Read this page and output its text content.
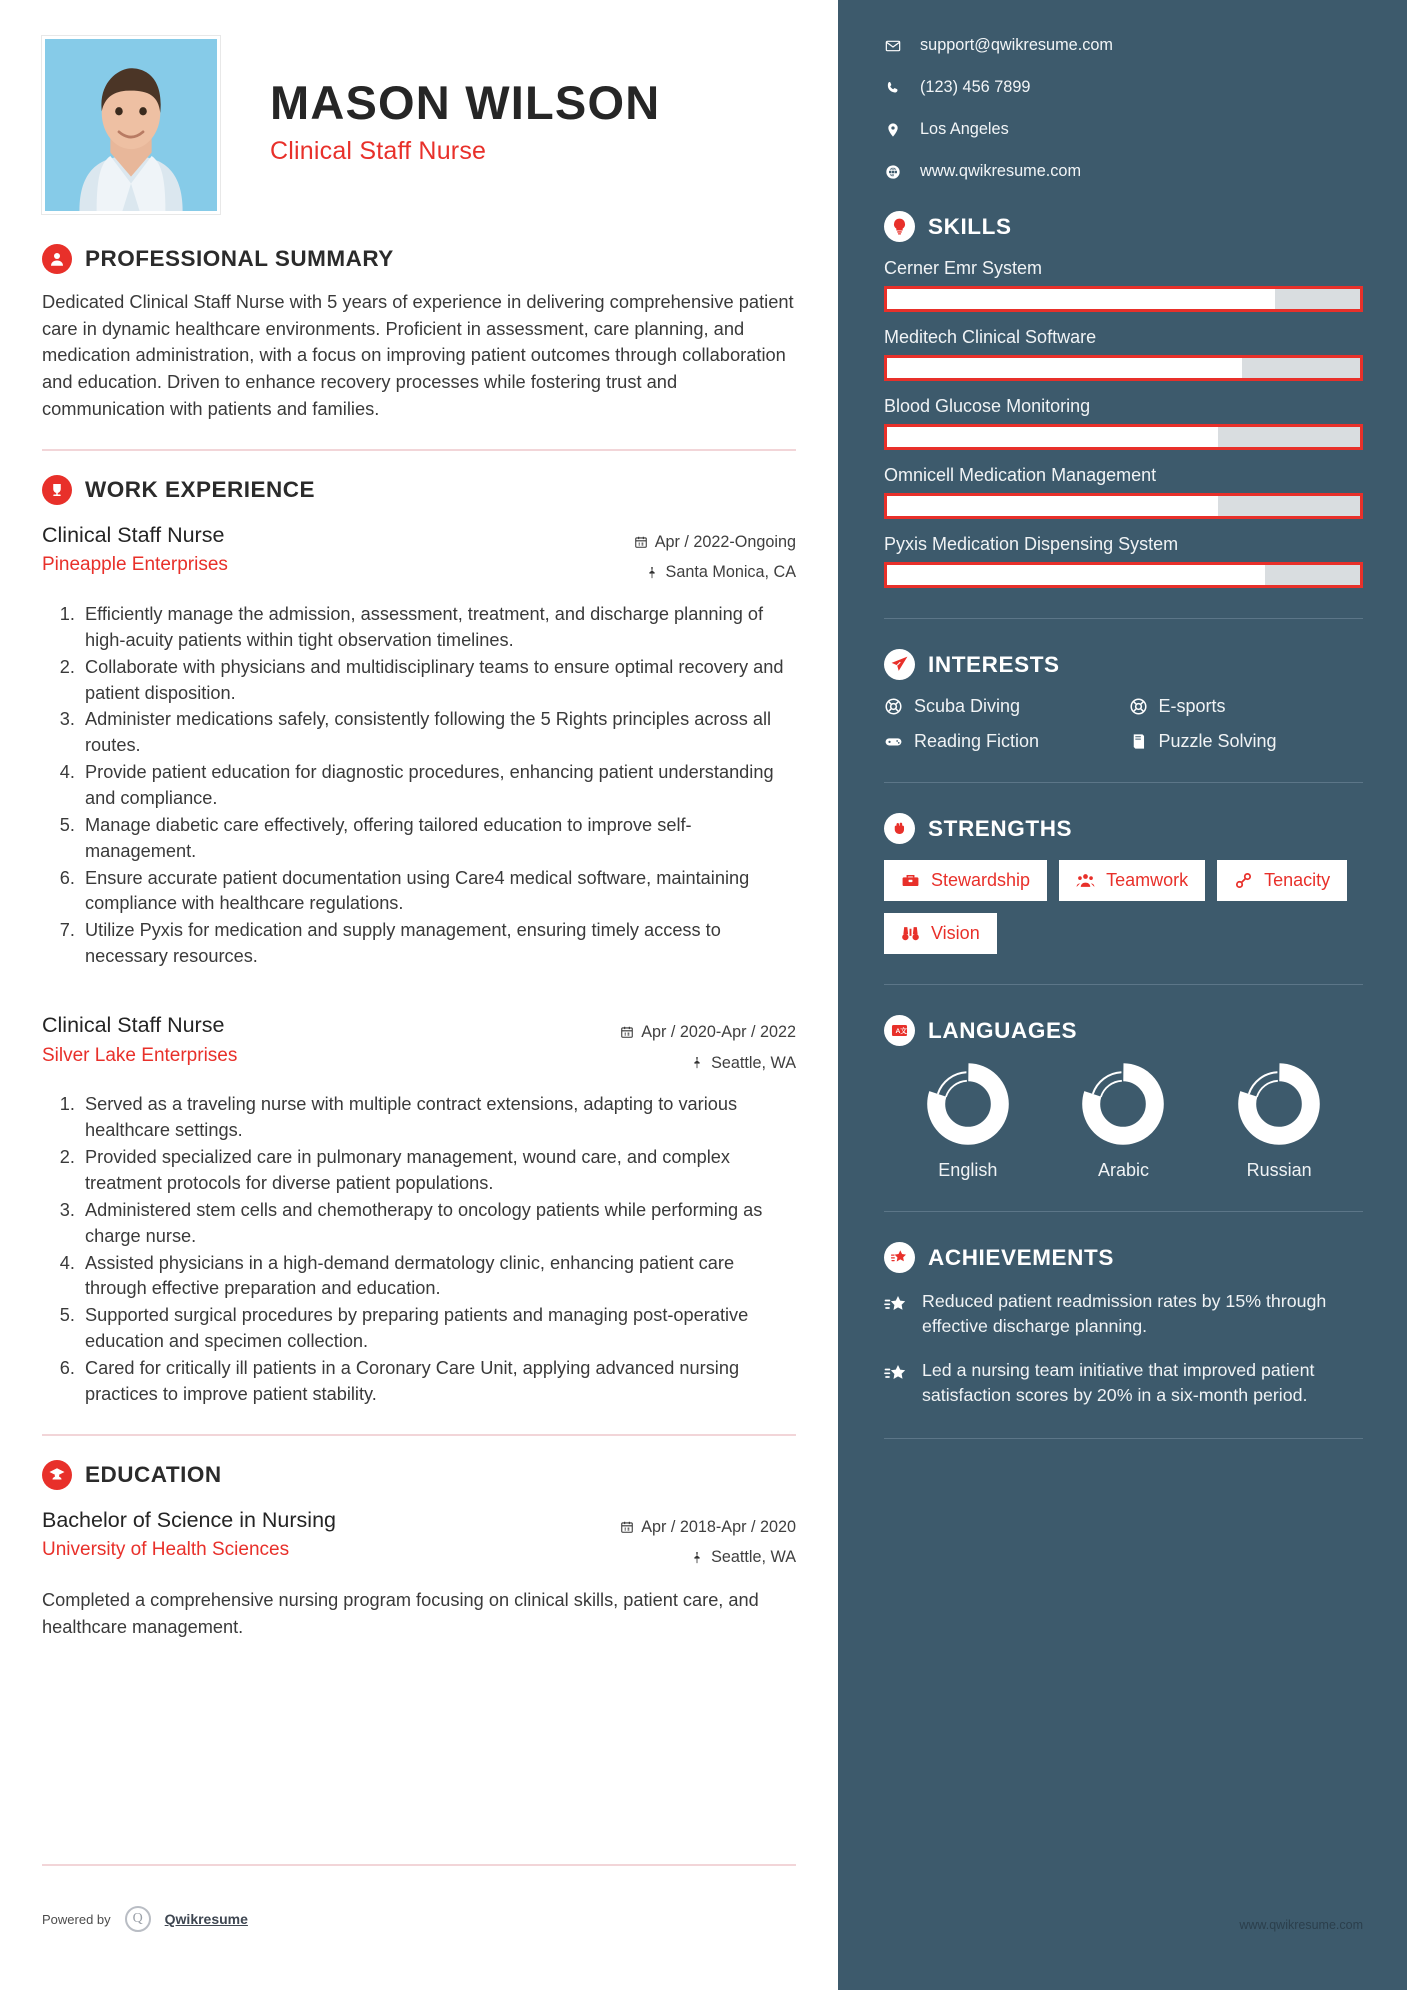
MASON WILSON
Clinical Staff Nurse
PROFESSIONAL SUMMARY
Dedicated Clinical Staff Nurse with 5 years of experience in delivering comprehensive patient care in dynamic healthcare environments. Proficient in assessment, care planning, and medication administration, with a focus on improving patient outcomes through collaboration and education. Driven to enhance recovery processes while fostering trust and communication with patients and families.
WORK EXPERIENCE
Clinical Staff Nurse
Pineapple Enterprises
Apr / 2022-Ongoing
Santa Monica, CA
1. Efficiently manage the admission, assessment, treatment, and discharge planning of high-acuity patients within tight observation timelines.
2. Collaborate with physicians and multidisciplinary teams to ensure optimal recovery and patient disposition.
3. Administer medications safely, consistently following the 5 Rights principles across all routes.
4. Provide patient education for diagnostic procedures, enhancing patient understanding and compliance.
5. Manage diabetic care effectively, offering tailored education to improve self-management.
6. Ensure accurate patient documentation using Care4 medical software, maintaining compliance with healthcare regulations.
7. Utilize Pyxis for medication and supply management, ensuring timely access to necessary resources.
Clinical Staff Nurse
Silver Lake Enterprises
Apr / 2020-Apr / 2022
Seattle, WA
1. Served as a traveling nurse with multiple contract extensions, adapting to various healthcare settings.
2. Provided specialized care in pulmonary management, wound care, and complex treatment protocols for diverse patient populations.
3. Administered stem cells and chemotherapy to oncology patients while performing as charge nurse.
4. Assisted physicians in a high-demand dermatology clinic, enhancing patient care through effective preparation and education.
5. Supported surgical procedures by preparing patients and managing post-operative education and specimen collection.
6. Cared for critically ill patients in a Coronary Care Unit, applying advanced nursing practices to improve patient stability.
EDUCATION
Bachelor of Science in Nursing
University of Health Sciences
Apr / 2018-Apr / 2020
Seattle, WA
Completed a comprehensive nursing program focusing on clinical skills, patient care, and healthcare management.
Powered by	Q	Qwikresume
support@qwikresume.com
(123) 456 7899
Los Angeles
www.qwikresume.com
SKILLS
Cerner Emr System
Meditech Clinical Software
Blood Glucose Monitoring
Omnicell Medication Management
Pyxis Medication Dispensing System
INTERESTS
Scuba Diving	E-sports
Reading Fiction	Puzzle Solving
STRENGTHS
Stewardship	Teamwork	Tenacity
Vision
A 文 LANGUAGES
English	Arabic	Russian
ACHIEVEMENTS
Reduced patient readmission rates by 15% through effective discharge planning.
Led a nursing team initiative that improved patient satisfaction scores by 20% in a six-month period.
www.qwikresume.com
